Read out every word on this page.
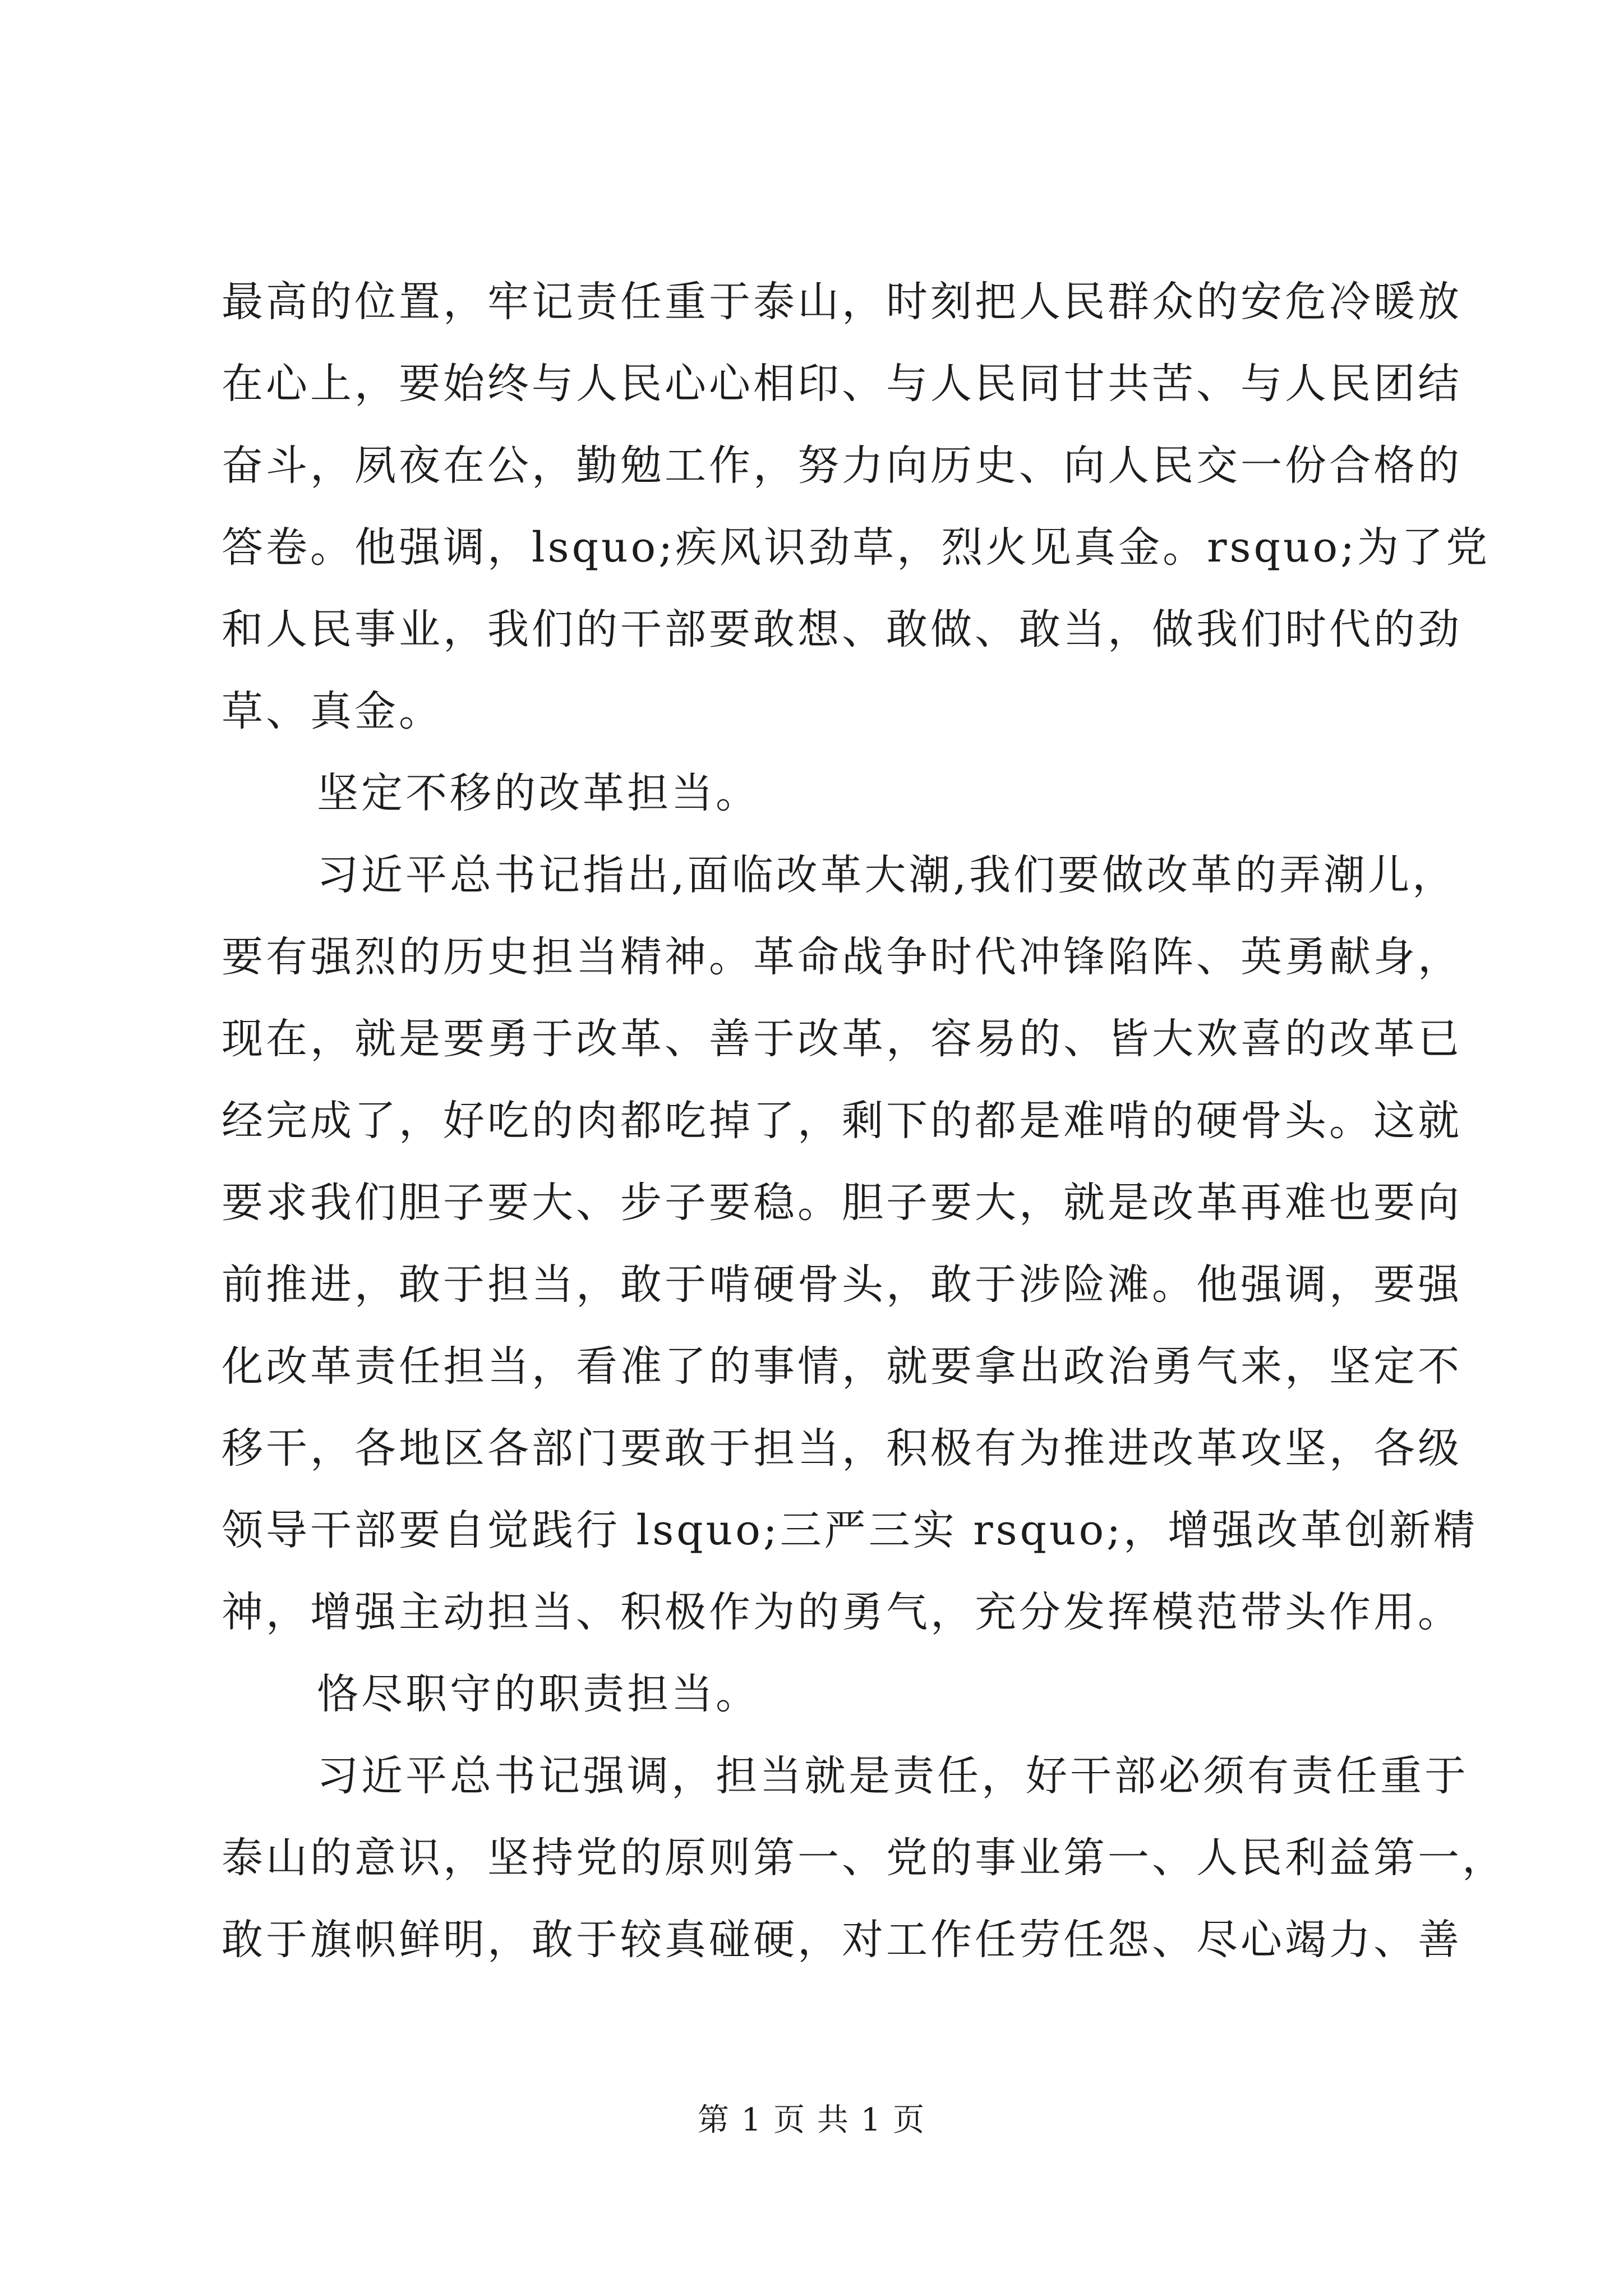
最高的位置，牢记责任重于泰山，时刻把人民群众的安危冷暖放
在心上，要始终与人民心心相印、与人民同甘共苦、与人民团结
奋斗，夙夜在公，勤勉工作，努力向历史、向人民交一份合格的
答卷。他强调，lsquo;疾风识劲草，烈火见真金。rsquo;为了党
和人民事业，我们的干部要敢想、敢做、敢当，做我们时代的劲
草、真金。
坚定不移的改革担当。
习近平总书记指出,面临改革大潮,我们要做改革的弄潮儿，
要有强烈的历史担当精神。革命战争时代冲锋陷阵、英勇献身，
现在，就是要勇于改革、善于改革，容易的、皆大欢喜的改革已
经完成了，好吃的肉都吃掉了，剩下的都是难啃的硬骨头。这就
要求我们胆子要大、步子要稳。胆子要大，就是改革再难也要向
前推进，敢于担当，敢于啃硬骨头，敢于涉险滩。他强调，要强
化改革责任担当，看准了的事情，就要拿出政治勇气来，坚定不
移干，各地区各部门要敢于担当，积极有为推进改革攻坚，各级
领导干部要自觉践行 lsquo;三严三实 rsquo;，增强改革创新精
神，增强主动担当、积极作为的勇气，充分发挥模范带头作用。
恪尽职守的职责担当。
习近平总书记强调，担当就是责任，好干部必须有责任重于
泰山的意识，坚持党的原则第一、党的事业第一、人民利益第一，
敢于旗帜鲜明，敢于较真碰硬，对工作任劳任怨、尽心竭力、善
第 1 页 共 1 页
